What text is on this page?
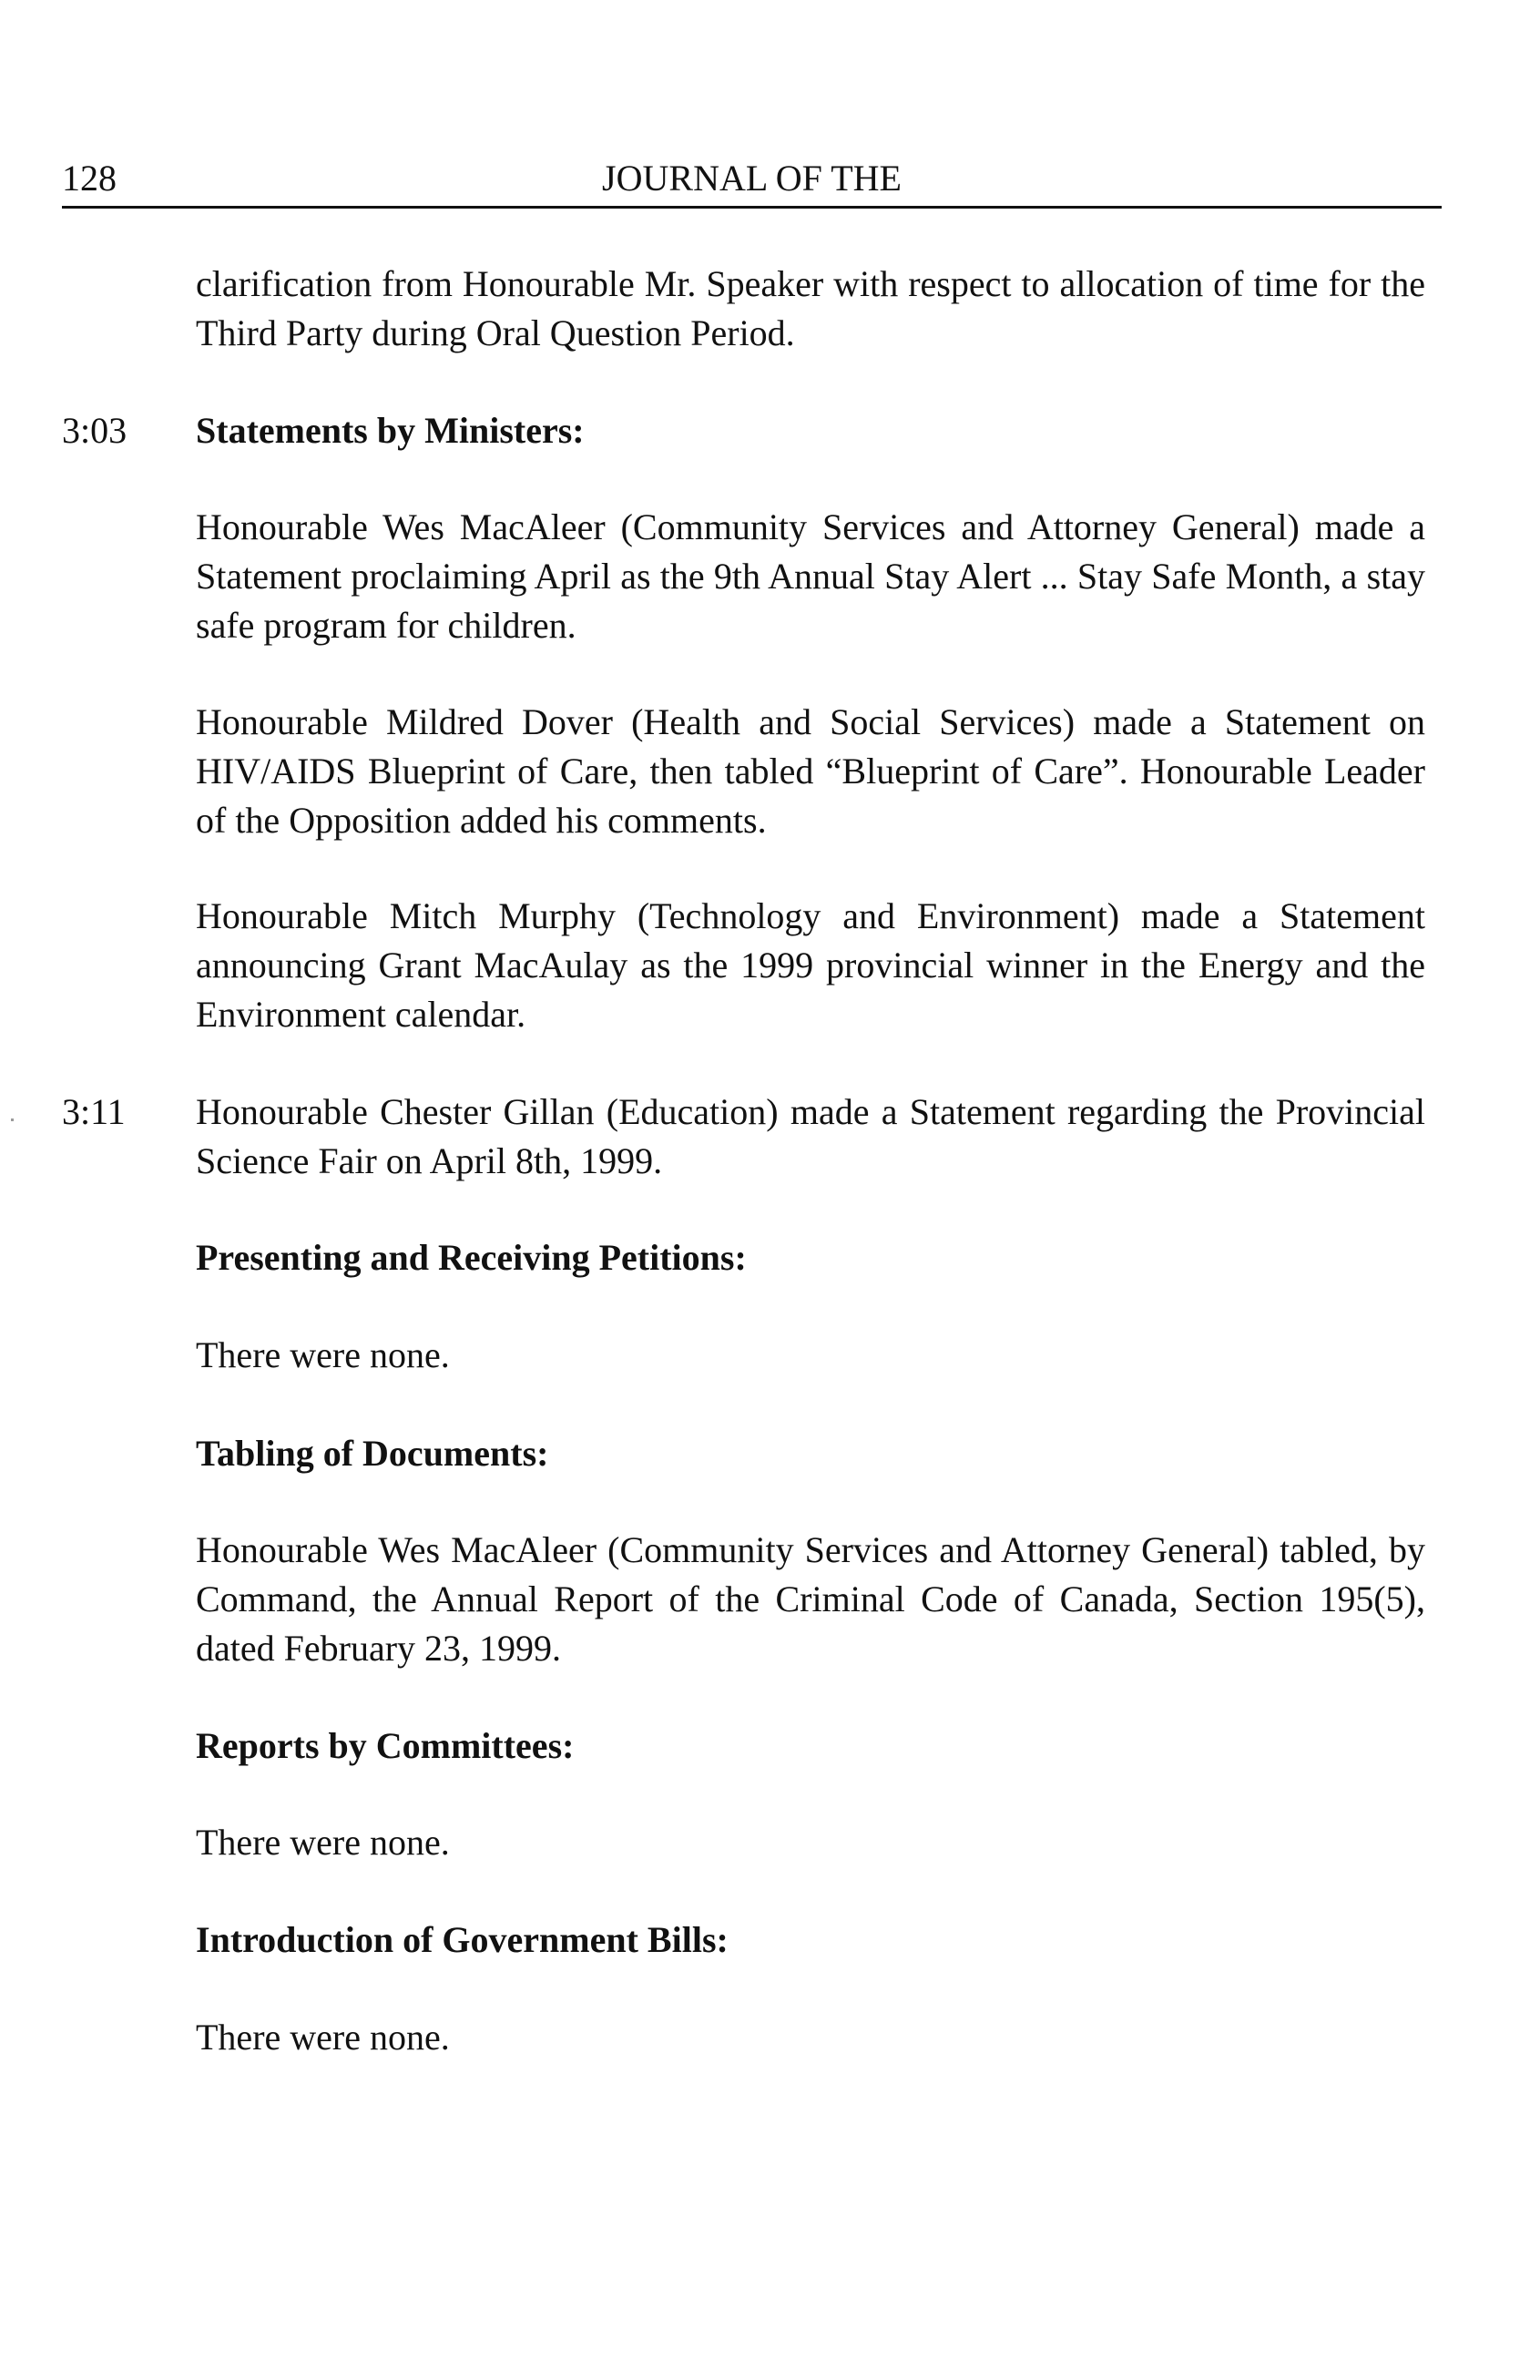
128	JOURNAL OF THE

clarification from Honourable Mr. Speaker with respect to allocation of time for the Third Party during Oral Question Period.

3:03 Statements by Ministers:

Honourable Wes MacAleer (Community Services and Attorney General) made a Statement proclaiming April as the 9th Annual Stay Alert ... Stay Safe Month, a stay safe program for children.

Honourable Mildred Dover (Health and Social Services) made a Statement on HIV/AIDS Blueprint of Care, then tabled “Blueprint of Care”. Honourable Leader of the Opposition added his comments.

Honourable Mitch Murphy (Technology and Environment) made a Statement announcing Grant MacAulay as the 1999 provincial winner in the Energy and the Environment calendar.

3:11 Honourable Chester Gillan (Education) made a Statement regarding the Provincial Science Fair on April 8th, 1999.

Presenting and Receiving Petitions:

There were none.

Tabling of Documents:

Honourable Wes MacAleer (Community Services and Attorney General) tabled, by Command, the Annual Report of the Criminal Code of Canada, Section 195(5), dated February 23, 1999.

Reports by Committees:

There were none.

Introduction of Government Bills:

There were none.
